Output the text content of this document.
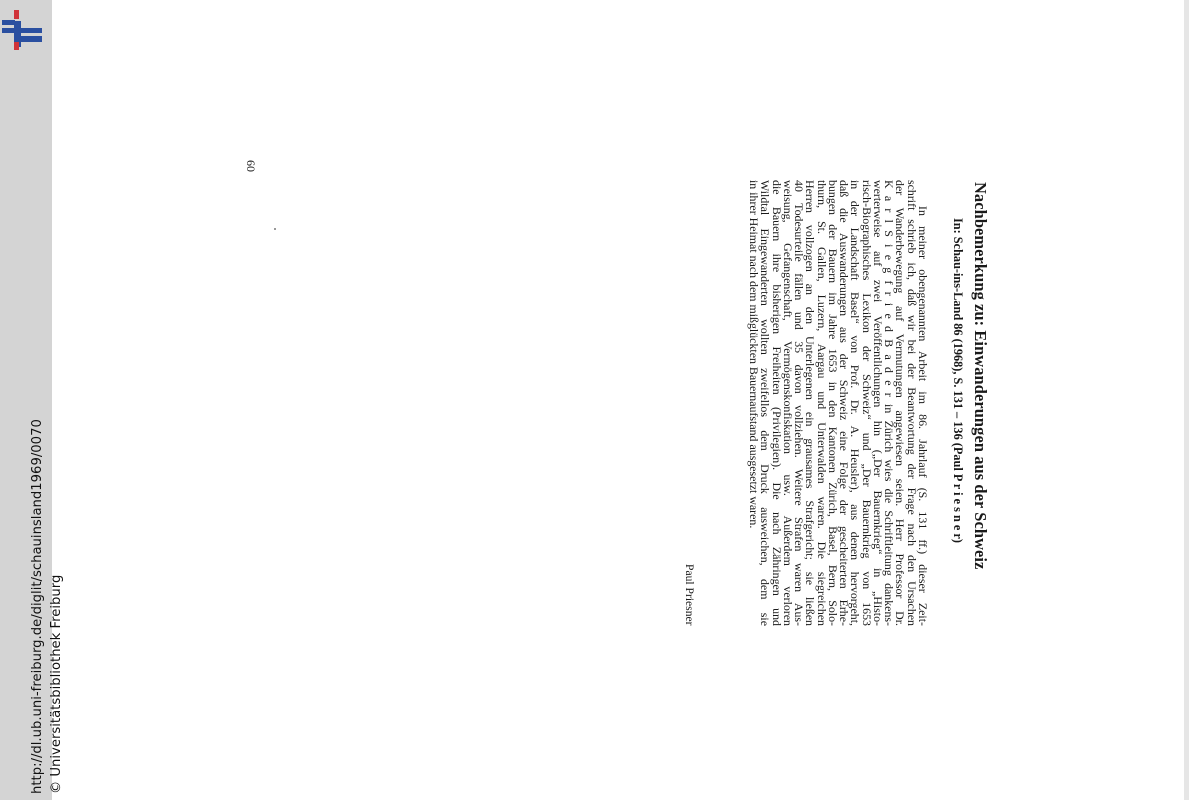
http://dl.ub.uni-freiburg.de/diglit/schauinsland1969/0070 © Universitätsbibliothek Freiburg
Nachbemerkung zu: Einwanderungen aus der Schweiz
In: Schau-ins-Land 86 (1968), S. 131 – 136 (Paul P r i e s n e r)
In meiner obengenannten Arbeit im 86. Jahrlauf (S. 131 ff.) dieser Zeit-
schrift schrieb ich, daß wir bei der Beantwortung der Frage nach den Ursachen
der Wanderbewegung auf Vermutungen angewiesen seien. Herr Professor Dr.
K a r l S i e g f r i e d B a d e r in Zürich wies die Schriftleitung dankens-
werterweise auf zwei Veröffentlichungen hin („Der Bauernkrieg“ in „Histo-
risch-Biographisches Lexikon der Schweiz“ und „Der Bauernkrieg von 1653
in der Landschaft Basel“ von Prof. Dr. A. Heusler), aus denen hervorgeht,
daß die Auswanderungen aus der Schweiz eine Folge der gescheiterten Erhe-
bungen der Bauern im Jahre 1653 in den Kantonen Zürich, Basel, Bern, Solo-
thurn, St. Gallen, Luzern, Aargau und Unterwalden waren. Die siegreichen
Herren vollzogen an den Unterlegenen ein grausames Strafgericht; sie ließen
40 Todesurteile fällen und 35 davon vollziehen. Weitere Strafen waren Aus-
weisung, Gefangenschaft, Vermögenskonfiskation usw. Außerdem verloren
die Bauern ihre bisherigen Freiheiten (Privilegien). Die nach Zähringen und
Wildtal Eingewanderten wollten zweifellos dem Druck ausweichen, dem sie
in ihrer Heimat nach dem mißglückten Bauernaufstand ausgesetzt waren.
Paul Priesner
60
